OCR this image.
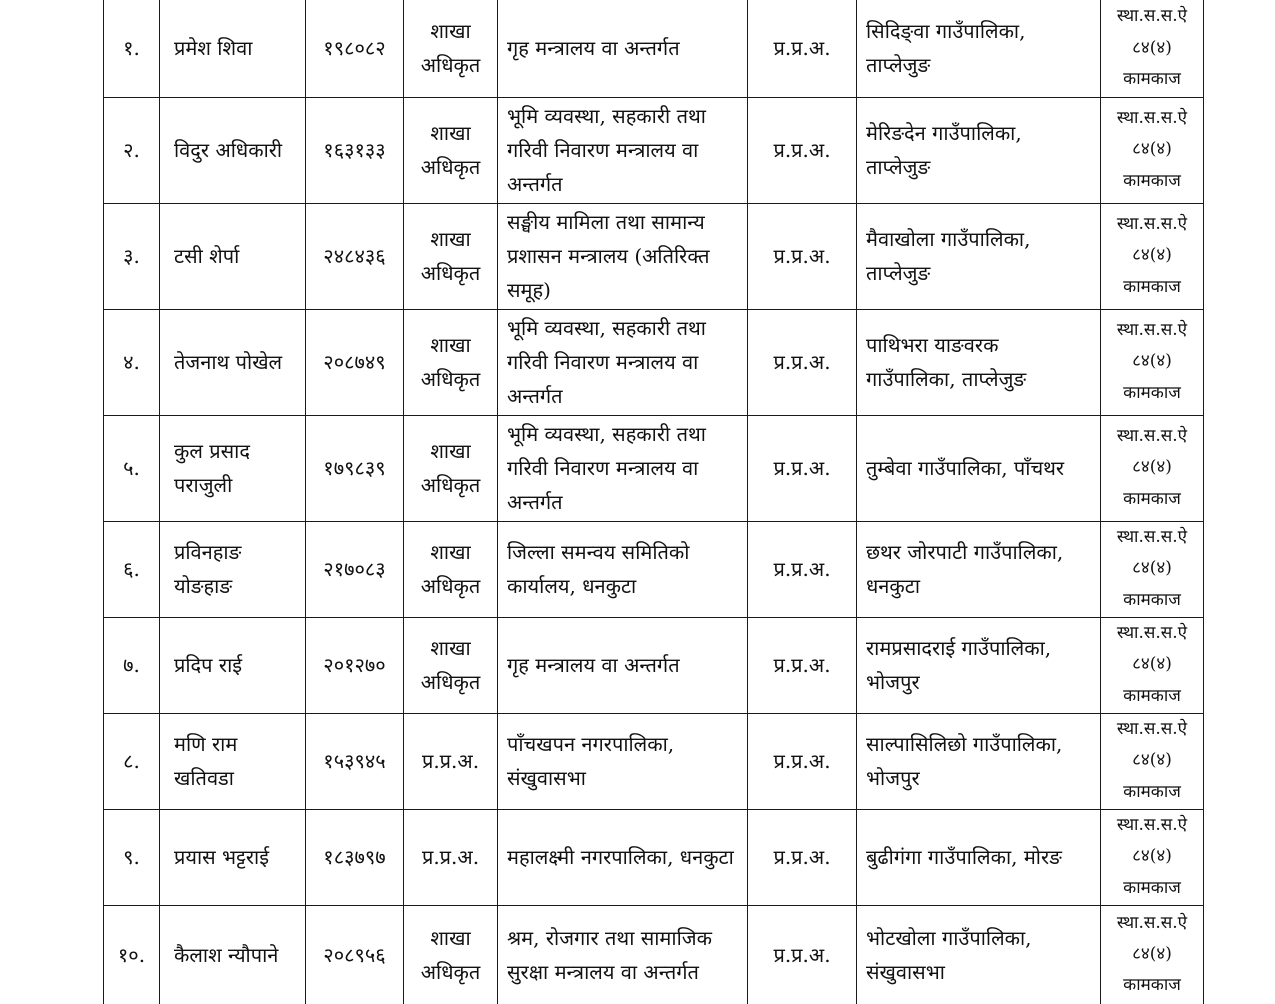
१.	प्रमेश शिवा	१९८०८२	शाखा अधिकृत	गृह मन्त्रालय वा अन्तर्गत	प्र.प्र.अ.	सिदिङ्वा गाउँपालिका, ताप्लेजुङ	स्था.स.स.ऐ ८४(४) कामकाज
२.	विदुर अधिकारी	१६३१३३	शाखा अधिकृत	भूमि व्यवस्था, सहकारी तथा गरिवी निवारण मन्त्रालय वा अन्तर्गत	प्र.प्र.अ.	मेरिङदेन गाउँपालिका, ताप्लेजुङ	स्था.स.स.ऐ ८४(४) कामकाज
३.	टसी शेर्पा	२४८४३६	शाखा अधिकृत	सङ्घीय मामिला तथा सामान्य प्रशासन मन्त्रालय (अतिरिक्त समूह)	प्र.प्र.अ.	मैवाखोला गाउँपालिका, ताप्लेजुङ	स्था.स.स.ऐ ८४(४) कामकाज
४.	तेजनाथ पोखेल	२०८७४९	शाखा अधिकृत	भूमि व्यवस्था, सहकारी तथा गरिवी निवारण मन्त्रालय वा अन्तर्गत	प्र.प्र.अ.	पाथिभरा याङवरक गाउँपालिका, ताप्लेजुङ	स्था.स.स.ऐ ८४(४) कामकाज
५.	कुल प्रसाद पराजुली	१७९८३९	शाखा अधिकृत	भूमि व्यवस्था, सहकारी तथा गरिवी निवारण मन्त्रालय वा अन्तर्गत	प्र.प्र.अ.	तुम्बेवा गाउँपालिका, पाँचथर	स्था.स.स.ऐ ८४(४) कामकाज
६.	प्रविनहाङ योङहाङ	२१७०८३	शाखा अधिकृत	जिल्ला समन्वय समितिको कार्यालय, धनकुटा	प्र.प्र.अ.	छथर जोरपाटी गाउँपालिका, धनकुटा	स्था.स.स.ऐ ८४(४) कामकाज
७.	प्रदिप राई	२०१२७०	शाखा अधिकृत	गृह मन्त्रालय वा अन्तर्गत	प्र.प्र.अ.	रामप्रसादराई गाउँपालिका, भोजपुर	स्था.स.स.ऐ ८४(४) कामकाज
८.	मणि राम खतिवडा	१५३९४५	प्र.प्र.अ.	पाँचखपन नगरपालिका, संखुवासभा	प्र.प्र.अ.	साल्पासिलिछो गाउँपालिका, भोजपुर	स्था.स.स.ऐ ८४(४) कामकाज
९.	प्रयास भट्टराई	१८३७९७	प्र.प्र.अ.	महालक्ष्मी नगरपालिका, धनकुटा	प्र.प्र.अ.	बुढीगंगा गाउँपालिका, मोरङ	स्था.स.स.ऐ ८४(४) कामकाज
१०.	कैलाश न्यौपाने	२०८९५६	शाखा अधिकृत	श्रम, रोजगार तथा सामाजिक सुरक्षा मन्त्रालय वा अन्तर्गत	प्र.प्र.अ.	भोटखोला गाउँपालिका, संखुवासभा	स्था.स.स.ऐ ८४(४) कामकाज
